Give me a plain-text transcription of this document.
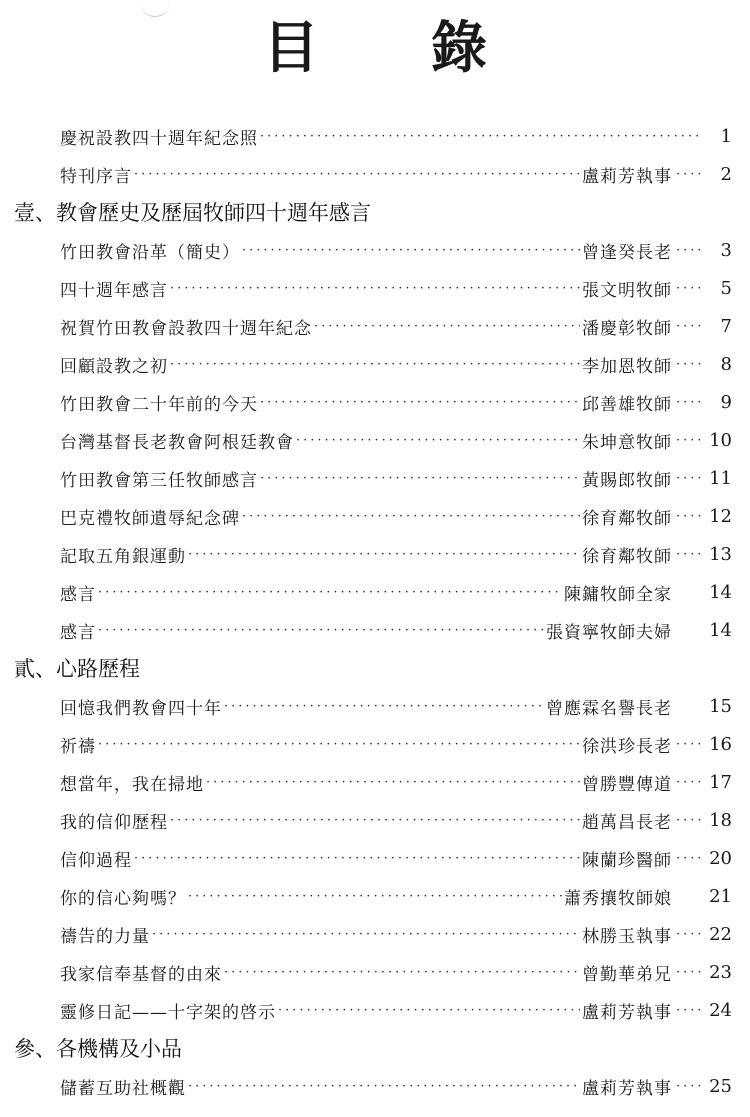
目 錄
慶祝設教四十週年紀念照 ·····	1
特刊序言 ·····	盧莉芳執事 ····	2
壹、教會歷史及歷屆牧師四十週年感言
竹田教會沿革（簡史） ·····	曾逢癸長老 ····	3
四十週年感言 ·····	張文明牧師 ····	5
祝賀竹田教會設教四十週年紀念 ·····	潘慶彰牧師 ····	7
回顧設教之初 ·····	李加恩牧師 ····	8
竹田教會二十年前的今天 ·····	邱善雄牧師 ····	9
台灣基督長老教會阿根廷教會 ·····	朱坤意牧師 ····	10
竹田教會第三任牧師感言 ·····	黃賜郎牧師 ····	11
巴克禮牧師遺辱紀念碑 ·····	徐育鄰牧師 ····	12
記取五角銀運動 ·····	徐育鄰牧師 ····	13
感言 ·····	陳鏞牧師全家	14
感言 ·····	張資寧牧師夫婦	14
貳、心路歷程
回憶我們教會四十年 ·····	曾應霖名譽長老	15
祈禱 ·····	徐洪珍長老 ····	16
想當年，我在掃地 ·····	曾勝豐傳道 ····	17
我的信仰歷程 ·····	趙萬昌長老 ····	18
信仰過程 ·····	陳蘭珍醫師 ····	20
你的信心夠嗎？ ·····	蕭秀攘牧師娘	21
禱告的力量 ·····	林勝玉執事 ····	22
我家信奉基督的由來 ·····	曾勤華弟兄 ····	23
靈修日記——十字架的啓示 ·····	盧莉芳執事 ····	24
參、各機構及小品
儲蓄互助社概觀 ·····	盧莉芳執事 ····	25
